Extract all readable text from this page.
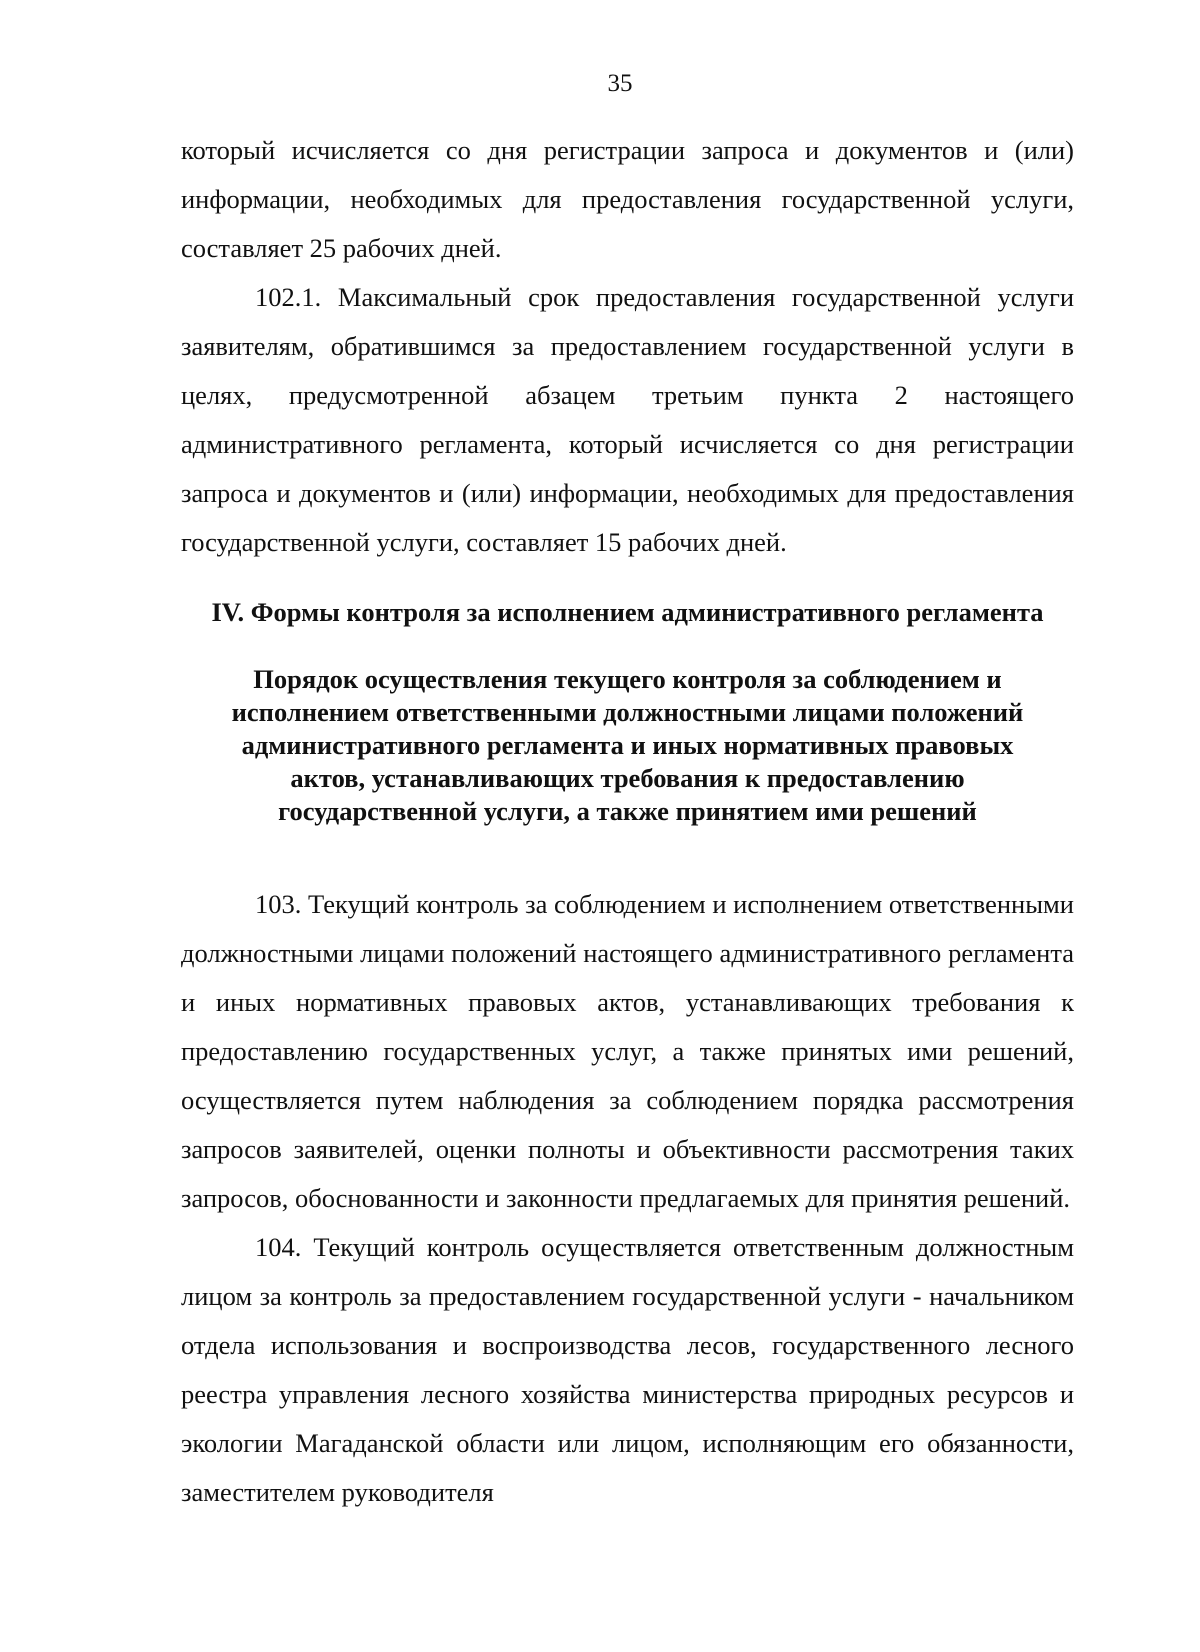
35

который исчисляется со дня регистрации запроса и документов и (или) информации, необходимых для предоставления государственной услуги, составляет 25 рабочих дней.

102.1. Максимальный срок предоставления государственной услуги заявителям, обратившимся за предоставлением государственной услуги в целях, предусмотренной абзацем третьим пункта 2 настоящего административного регламента, который исчисляется со дня регистрации запроса и документов и (или) информации, необходимых для предоставления государственной услуги, составляет 15 рабочих дней.

IV. Формы контроля за исполнением административного регламента
Порядок осуществления текущего контроля за соблюдением и
исполнением ответственными должностными лицами положений
административного регламента и иных нормативных правовых
актов, устанавливающих требования к предоставлению
государственной услуги, а также принятием ими решений

103. Текущий контроль за соблюдением и исполнением ответственными должностными лицами положений настоящего административного регламента и иных нормативных правовых актов, устанавливающих требования к предоставлению государственных услуг, а также принятых ими решений, осуществляется путем наблюдения за соблюдением порядка рассмотрения запросов заявителей, оценки полноты и объективности рассмотрения таких запросов, обоснованности и законности предлагаемых для принятия решений.

104. Текущий контроль осуществляется ответственным должностным лицом за контроль за предоставлением государственной услуги - начальником отдела использования и воспроизводства лесов, государственного лесного реестра управления лесного хозяйства министерства природных ресурсов и экологии Магаданской области или лицом, исполняющим его обязанности, заместителем руководителя
